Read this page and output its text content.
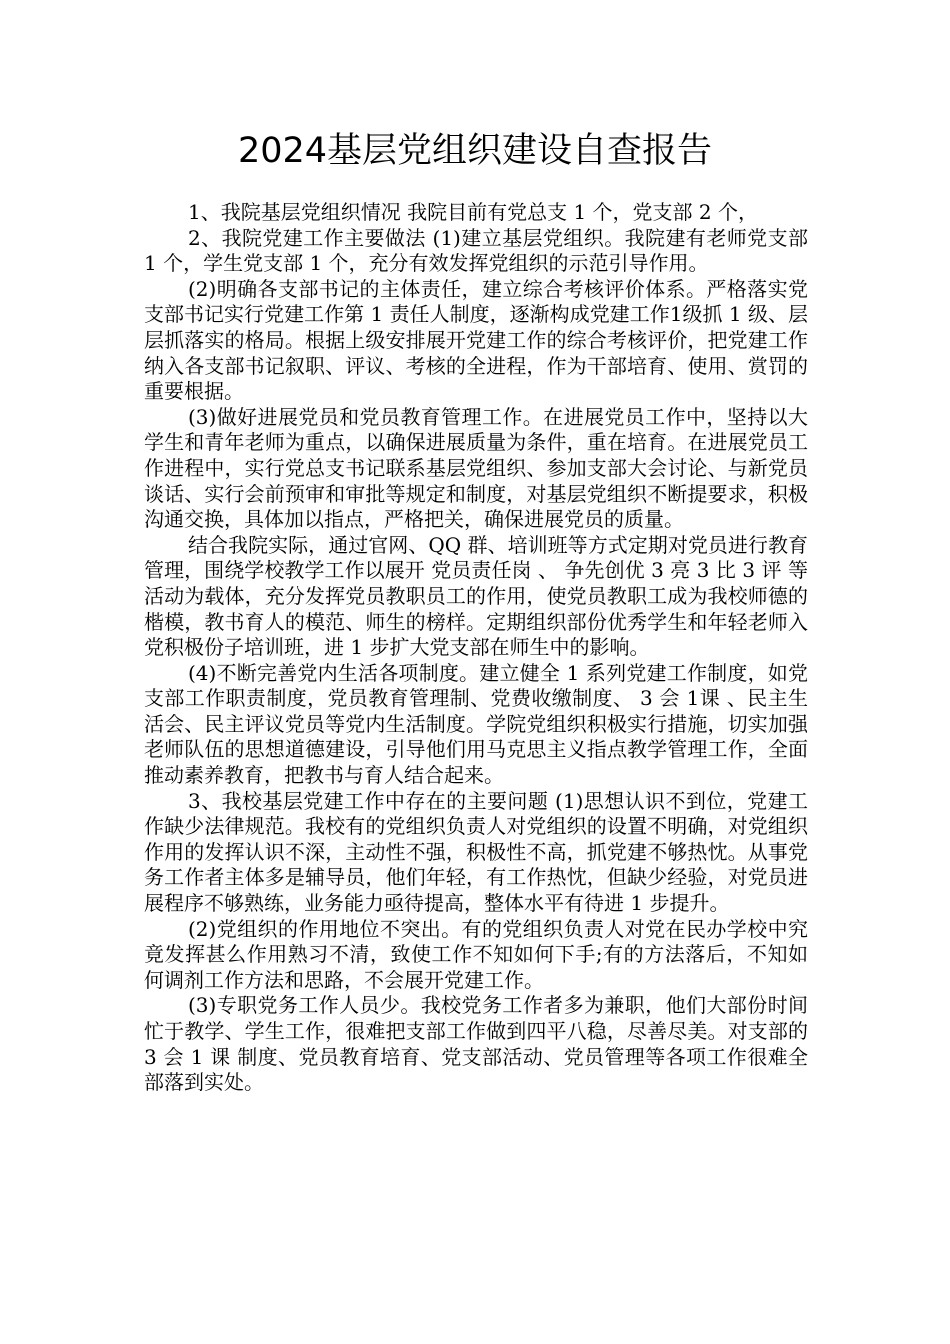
2024基层党组织建设自查报告

1、我院基层党组织情况 我院目前有党总支 1 个，党支部 2 个，

2、我院党建工作主要做法 (1)建立基层党组织。我院建有老师党支部 1 个，学生党支部 1 个，充分有效发挥党组织的示范引导作用。

(2)明确各支部书记的主体责任，建立综合考核评价体系。严格落实党支部书记实行党建工作第 1 责任人制度，逐渐构成党建工作1级抓 1 级、层层抓落实的格局。根据上级安排展开党建工作的综合考核评价，把党建工作纳入各支部书记叙职、评议、考核的全进程，作为干部培育、使用、赏罚的重要根据。

(3)做好进展党员和党员教育管理工作。在进展党员工作中，坚持以大学生和青年老师为重点，以确保进展质量为条件，重在培育。在进展党员工作进程中，实行党总支书记联系基层党组织、参加支部大会讨论、与新党员谈话、实行会前预审和审批等规定和制度，对基层党组织不断提要求，积极沟通交换，具体加以指点，严格把关，确保进展党员的质量。

结合我院实际，通过官网、QQ 群、培训班等方式定期对党员进行教育管理，围绕学校教学工作以展开 党员责任岗 、 争先创优 3 亮 3 比 3 评 等活动为载体，充分发挥党员教职员工的作用，使党员教职工成为我校师德的楷模，教书育人的模范、师生的榜样。定期组织部份优秀学生和年轻老师入党积极份子培训班，进 1 步扩大党支部在师生中的影响。

(4)不断完善党内生活各项制度。建立健全 1 系列党建工作制度，如党支部工作职责制度，党员教育管理制、党费收缴制度、 3 会 1课 、民主生活会、民主评议党员等党内生活制度。学院党组织积极实行措施，切实加强老师队伍的思想道德建设，引导他们用马克思主义指点教学管理工作，全面推动素养教育，把教书与育人结合起来。

3、我校基层党建工作中存在的主要问题 (1)思想认识不到位，党建工作缺少法律规范。我校有的党组织负责人对党组织的设置不明确，对党组织作用的发挥认识不深，主动性不强，积极性不高，抓党建不够热忱。从事党务工作者主体多是辅导员，他们年轻，有工作热忱，但缺少经验，对党员进展程序不够熟练，业务能力亟待提高，整体水平有待进 1 步提升。

(2)党组织的作用地位不突出。有的党组织负责人对党在民办学校中究竟发挥甚么作用熟习不清，致使工作不知如何下手;有的方法落后，不知如何调剂工作方法和思路，不会展开党建工作。

(3)专职党务工作人员少。我校党务工作者多为兼职，他们大部份时间忙于教学、学生工作，很难把支部工作做到四平八稳，尽善尽美。对支部的 3 会 1 课 制度、党员教育培育、党支部活动、党员管理等各项工作很难全部落到实处。
